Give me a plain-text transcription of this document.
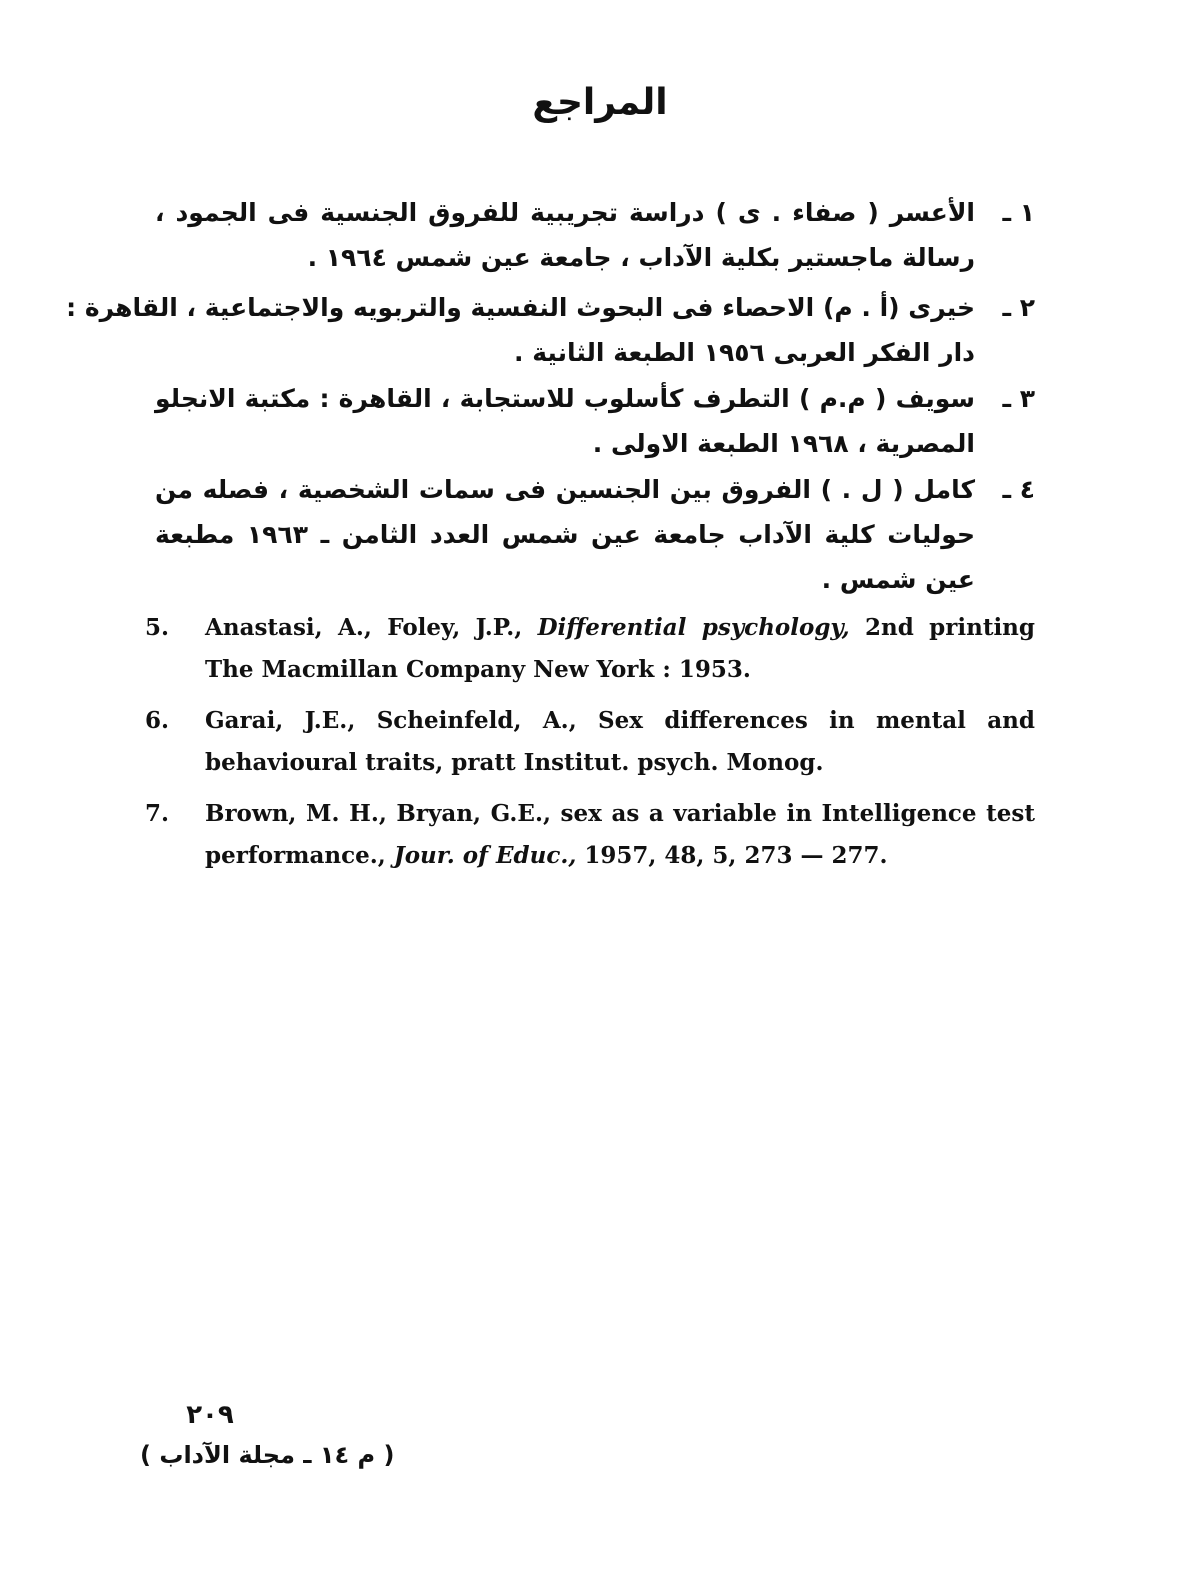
المراجع
١ ـ
الأعسر ( صفاء . ى ) دراسة تجريبية للفروق الجنسية فى الجمود ،
رسالة ماجستير بكلية الآداب ، جامعة عين شمس ١٩٦٤ .
٢ ـ
خيرى (أ . م) الاحصاء فى البحوث النفسية والتربويه والاجتماعية ، القاهرة :
دار الفكر العربى ١٩٥٦ الطبعة الثانية .
٣ ـ
سويف ( م.م ) التطرف كأسلوب للاستجابة ، القاهرة : مكتبة الانجلو
المصرية ، ١٩٦٨ الطبعة الاولى .
٤ ـ
كامل ( ل . ) الفروق بين الجنسين فى سمات الشخصية ، فصله من
حوليات كلية الآداب جامعة عين شمس العدد الثامن ـ ١٩٦٣ مطبعة
عين شمس .
5. Anastasi, A., Foley, J.P., Differential psychology, 2nd printing The Macmillan Company New York : 1953.
6. Garai, J.E., Scheinfeld, A., Sex differences in mental and behavioural traits, pratt Institut. psych. Monog.
7. Brown, M. H., Bryan, G.E., sex as a variable in Intelligence test performance., Jour. of Educ., 1957, 48, 5, 273 — 277.
٢٠٩
( م ١٤ ـ مجلة الآداب )
